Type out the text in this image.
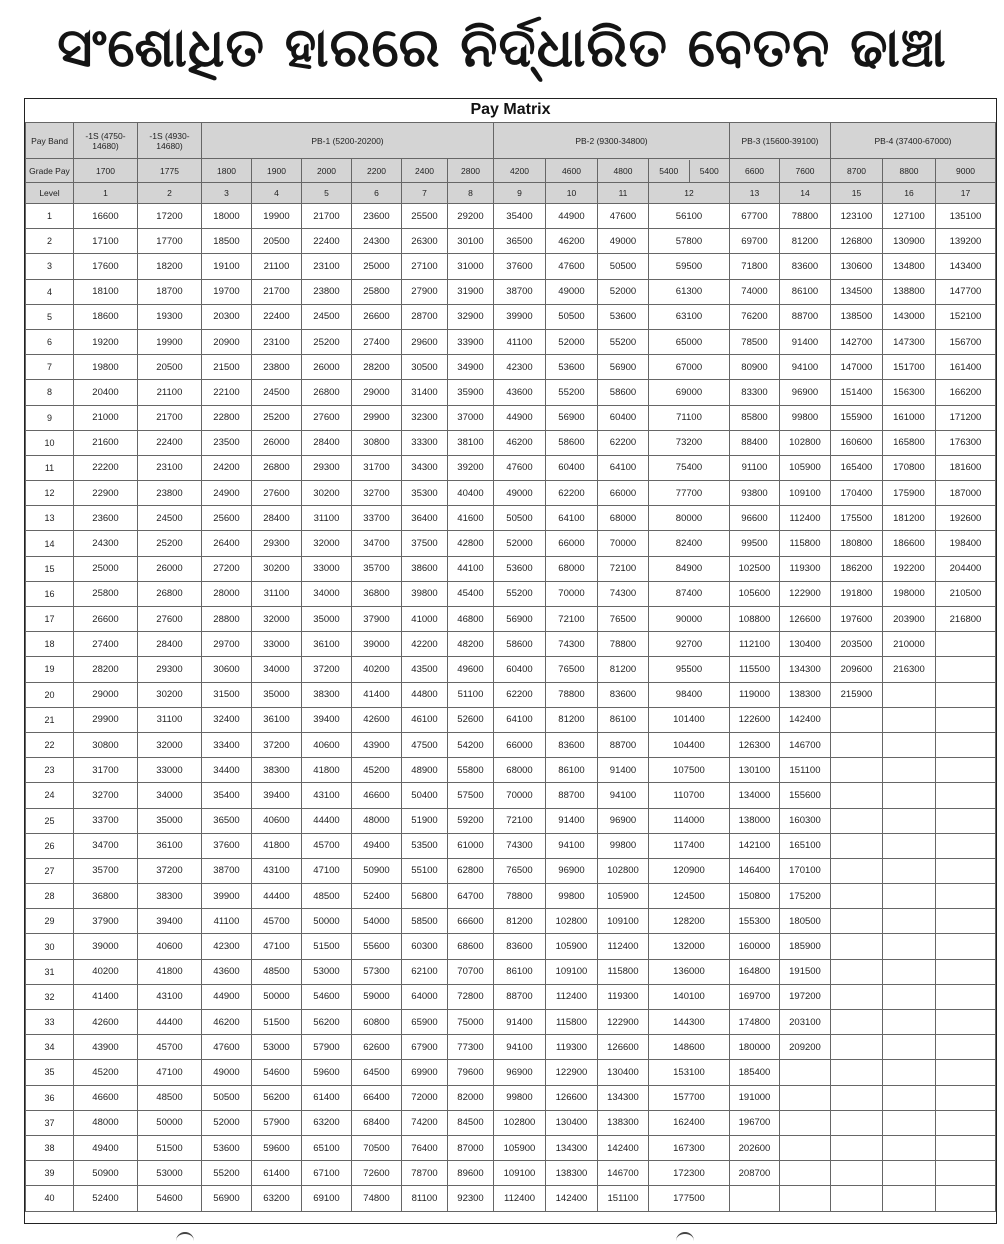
ସଂଶୋଧିତ ହାରରେ ନିର୍ଦ୍ଧାରିତ ବେତନ ଢାଞ୍ଚା
Pay Matrix
Pay Band	-1S (4750-14680)	-1S (4930-14680)	PB-1 (5200-20200)						PB-2 (9300-34800)				PB-3 (15600-39100)		PB-4 (37400-67000)		
Grade Pay	1700	1775	1800	1900	2000	2200	2400	2800	4200	4600	4800	5400 5400	6600	7600	8700	8800	9000
Level	1	2	3	4	5	6	7	8	9	10	11	12	13	14	15	16	17
1	16600	17200	18000	19900	21700	23600	25500	29200	35400	44900	47600	56100	67700	78800	123100	127100	135100
2	17100	17700	18500	20500	22400	24300	26300	30100	36500	46200	49000	57800	69700	81200	126800	130900	139200
3	17600	18200	19100	21100	23100	25000	27100	31000	37600	47600	50500	59500	71800	83600	130600	134800	143400
4	18100	18700	19700	21700	23800	25800	27900	31900	38700	49000	52000	61300	74000	86100	134500	138800	147700
5	18600	19300	20300	22400	24500	26600	28700	32900	39900	50500	53600	63100	76200	88700	138500	143000	152100
6	19200	19900	20900	23100	25200	27400	29600	33900	41100	52000	55200	65000	78500	91400	142700	147300	156700
7	19800	20500	21500	23800	26000	28200	30500	34900	42300	53600	56900	67000	80900	94100	147000	151700	161400
8	20400	21100	22100	24500	26800	29000	31400	35900	43600	55200	58600	69000	83300	96900	151400	156300	166200
9	21000	21700	22800	25200	27600	29900	32300	37000	44900	56900	60400	71100	85800	99800	155900	161000	171200
10	21600	22400	23500	26000	28400	30800	33300	38100	46200	58600	62200	73200	88400	102800	160600	165800	176300
11	22200	23100	24200	26800	29300	31700	34300	39200	47600	60400	64100	75400	91100	105900	165400	170800	181600
12	22900	23800	24900	27600	30200	32700	35300	40400	49000	62200	66000	77700	93800	109100	170400	175900	187000
13	23600	24500	25600	28400	31100	33700	36400	41600	50500	64100	68000	80000	96600	112400	175500	181200	192600
14	24300	25200	26400	29300	32000	34700	37500	42800	52000	66000	70000	82400	99500	115800	180800	186600	198400
15	25000	26000	27200	30200	33000	35700	38600	44100	53600	68000	72100	84900	102500	119300	186200	192200	204400
16	25800	26800	28000	31100	34000	36800	39800	45400	55200	70000	74300	87400	105600	122900	191800	198000	210500
17	26600	27600	28800	32000	35000	37900	41000	46800	56900	72100	76500	90000	108800	126600	197600	203900	216800
18	27400	28400	29700	33000	36100	39000	42200	48200	58600	74300	78800	92700	112100	130400	203500	210000	
19	28200	29300	30600	34000	37200	40200	43500	49600	60400	76500	81200	95500	115500	134300	209600	216300	
20	29000	30200	31500	35000	38300	41400	44800	51100	62200	78800	83600	98400	119000	138300	215900		
21	29900	31100	32400	36100	39400	42600	46100	52600	64100	81200	86100	101400	122600	142400			
22	30800	32000	33400	37200	40600	43900	47500	54200	66000	83600	88700	104400	126300	146700			
23	31700	33000	34400	38300	41800	45200	48900	55800	68000	86100	91400	107500	130100	151100			
24	32700	34000	35400	39400	43100	46600	50400	57500	70000	88700	94100	110700	134000	155600			
25	33700	35000	36500	40600	44400	48000	51900	59200	72100	91400	96900	114000	138000	160300			
26	34700	36100	37600	41800	45700	49400	53500	61000	74300	94100	99800	117400	142100	165100			
27	35700	37200	38700	43100	47100	50900	55100	62800	76500	96900	102800	120900	146400	170100			
28	36800	38300	39900	44400	48500	52400	56800	64700	78800	99800	105900	124500	150800	175200			
29	37900	39400	41100	45700	50000	54000	58500	66600	81200	102800	109100	128200	155300	180500			
30	39000	40600	42300	47100	51500	55600	60300	68600	83600	105900	112400	132000	160000	185900			
31	40200	41800	43600	48500	53000	57300	62100	70700	86100	109100	115800	136000	164800	191500			
32	41400	43100	44900	50000	54600	59000	64000	72800	88700	112400	119300	140100	169700	197200			
33	42600	44400	46200	51500	56200	60800	65900	75000	91400	115800	122900	144300	174800	203100			
34	43900	45700	47600	53000	57900	62600	67900	77300	94100	119300	126600	148600	180000	209200			
35	45200	47100	49000	54600	59600	64500	69900	79600	96900	122900	130400	153100	185400				
36	46600	48500	50500	56200	61400	66400	72000	82000	99800	126600	134300	157700	191000				
37	48000	50000	52000	57900	63200	68400	74200	84500	102800	130400	138300	162400	196700				
38	49400	51500	53600	59600	65100	70500	76400	87000	105900	134300	142400	167300	202600				
39	50900	53000	55200	61400	67100	72600	78700	89600	109100	138300	146700	172300	208700				
40	52400	54600	56900	63200	69100	74800	81100	92300	112400	142400	151100	177500					
